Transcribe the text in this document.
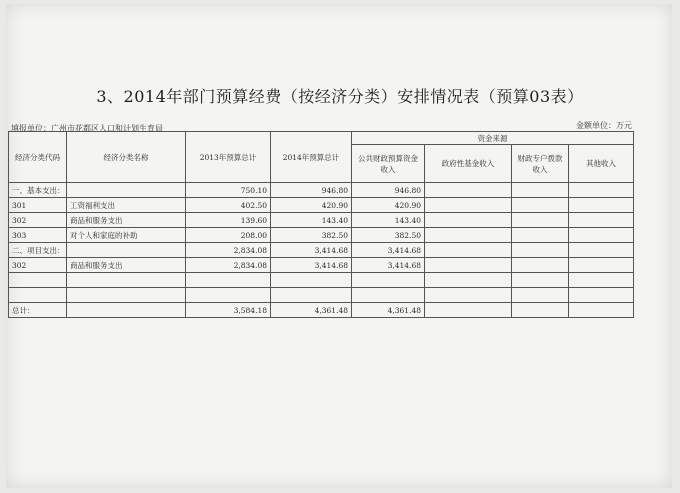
3、2014年部门预算经费（按经济分类）安排情况表（预算03表）
填报单位：广州市花都区人口和计划生育局	金额单位：万元
经济分类代码	经济分类名称	2013年预算总计	2014年预算总计	资金来源			
				公共财政预算资金收入	政府性基金收入	财政专户拨款收入	其他收入
一、基本支出：		750.10	946.80	946.80			
301	工资福利支出	402.50	420.90	420.90			
302	商品和服务支出	139.60	143.40	143.40			
303	对个人和家庭的补助	208.00	382.50	382.50			
二、项目支出：		2,834.08	3,414.68	3,414.68			
302	商品和服务支出	2,834.08	3,414.68	3,414.68			

总计：		3,584.18	4,361.48	4,361.48			
